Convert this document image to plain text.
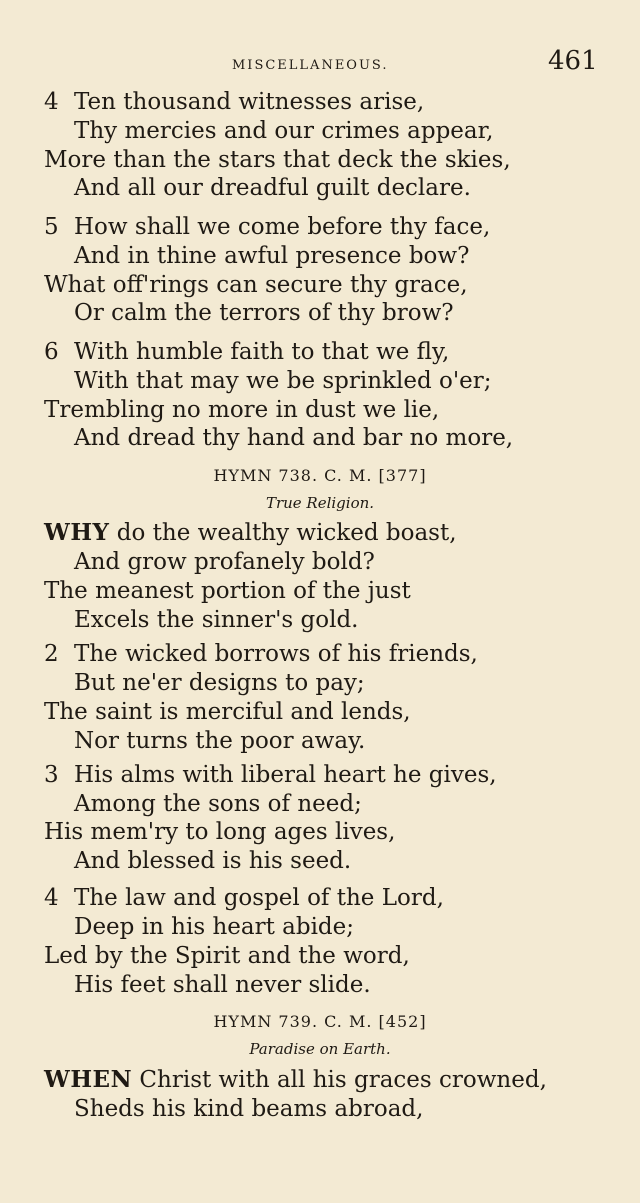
MISCELLANEOUS.	461
4 Ten thousand witnesses arise,
Thy mercies and our crimes appear,
More than the stars that deck the skies,
And all our dreadful guilt declare.
5 How shall we come before thy face,
And in thine awful presence bow?
What off'rings can secure thy grace,
Or calm the terrors of thy brow?
6 With humble faith to that we fly,
With that may we be sprinkled o'er;
Trembling no more in dust we lie,
And dread thy hand and bar no more,
HYMN 738. C. M. [377]
True Religion.
WHY do the wealthy wicked boast,
And grow profanely bold?
The meanest portion of the just
Excels the sinner's gold.
2 The wicked borrows of his friends,
But ne'er designs to pay;
The saint is merciful and lends,
Nor turns the poor away.
3 His alms with liberal heart he gives,
Among the sons of need;
His mem'ry to long ages lives,
And blessed is his seed.
4 The law and gospel of the Lord,
Deep in his heart abide;
Led by the Spirit and the word,
His feet shall never slide.
HYMN 739. C. M. [452]
Paradise on Earth.
WHEN Christ with all his graces crowned,
Sheds his kind beams abroad,
